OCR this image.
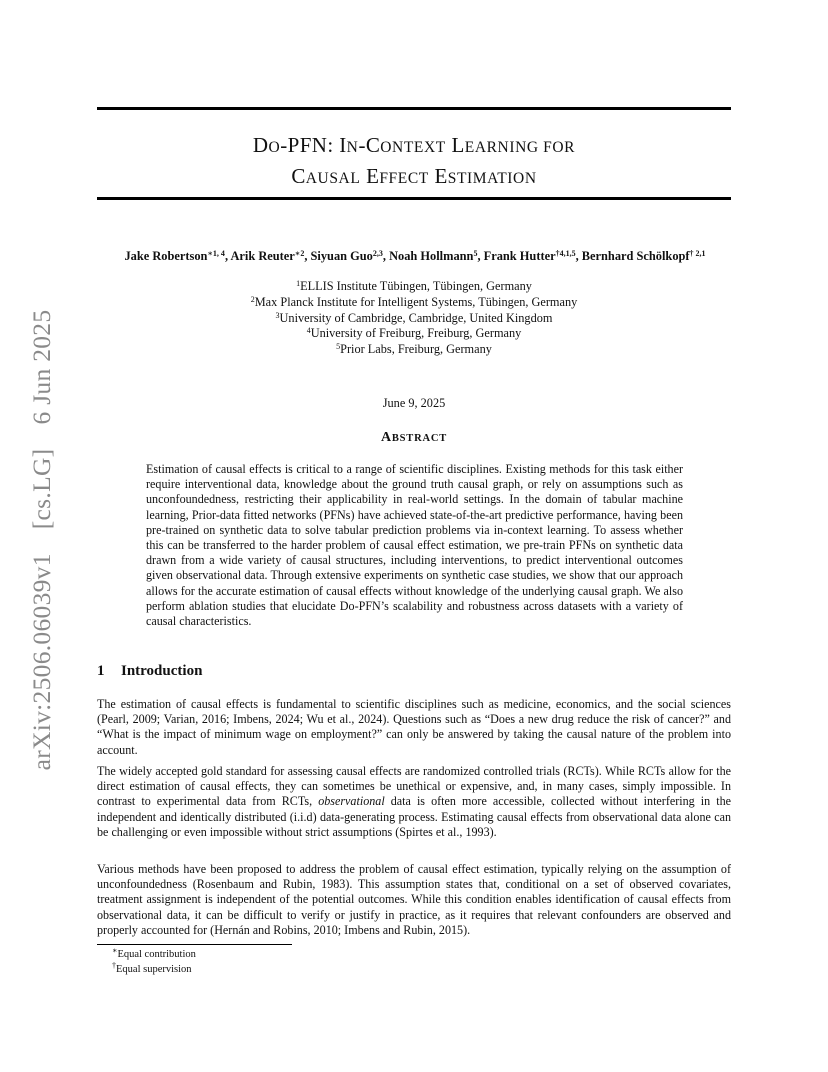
DO-PFN: IN-CONTEXT LEARNING FOR
CAUSAL EFFECT ESTIMATION
Jake Robertson$^{∗1, 4}$, Arik Reuter$^{∗2}$, Siyuan Guo$^{2,3}$, Noah Hollmann$^5$, Frank Hutter$^{\dagger 4,1,5}$, Bernhard Schölkopf$^{\dagger 2,1}$
$^1$ELLIS Institute Tübingen, Tübingen, Germany
$^2$Max Planck Institute for Intelligent Systems, Tübingen, Germany
$^3$University of Cambridge, Cambridge, United Kingdom
$^4$University of Freiburg, Freiburg, Germany
$^5$Prior Labs, Freiburg, Germany
June 9, 2025
ABSTRACT
Estimation of causal effects is critical to a range of scientific disciplines. Existing methods for this task either require interventional data, knowledge about the ground truth causal graph, or rely on assumptions such as unconfoundedness, restricting their applicability in real-world settings. In the domain of tabular machine learning, Prior-data fitted networks (PFNs) have achieved state-of-the-art predictive performance, having been pre-trained on synthetic data to solve tabular prediction problems via in-context learning. To assess whether this can be transferred to the harder problem of causal effect estimation, we pre-train PFNs on synthetic data drawn from a wide variety of causal structures, including interventions, to predict interventional outcomes given observational data. Through extensive experiments on synthetic case studies, we show that our approach allows for the accurate estimation of causal effects without knowledge of the underlying causal graph. We also perform ablation studies that elucidate Do-PFN’s scalability and robustness across datasets with a variety of causal characteristics.
1 Introduction
The estimation of causal effects is fundamental to scientific disciplines such as medicine, economics, and the social sciences (Pearl, 2009; Varian, 2016; Imbens, 2024; Wu et al., 2024). Questions such as “Does a new drug reduce the risk of cancer?” and “What is the impact of minimum wage on employment?” can only be answered by taking the causal nature of the problem into account.
The widely accepted gold standard for assessing causal effects are randomized controlled trials (RCTs). While RCTs allow for the direct estimation of causal effects, they can sometimes be unethical or expensive, and, in many cases, simply impossible. In contrast to experimental data from RCTs, observational data is often more accessible, collected without interfering in the independent and identically distributed (i.i.d) data-generating process. Estimating causal effects from observational data alone can be challenging or even impossible without strict assumptions (Spirtes et al., 1993).
Various methods have been proposed to address the problem of causal effect estimation, typically relying on the assumption of unconfoundedness (Rosenbaum and Rubin, 1983). This assumption states that, conditional on a set of observed covariates, treatment assignment is independent of the potential outcomes. While this condition enables identification of causal effects from observational data, it can be difficult to verify or justify in practice, as it requires that relevant confounders are observed and properly accounted for (Hernán and Robins, 2010; Imbens and Rubin, 2015).
∗Equal contribution
†Equal supervision
arXiv:2506.06039v1[cs.LG]6 Jun 2025
